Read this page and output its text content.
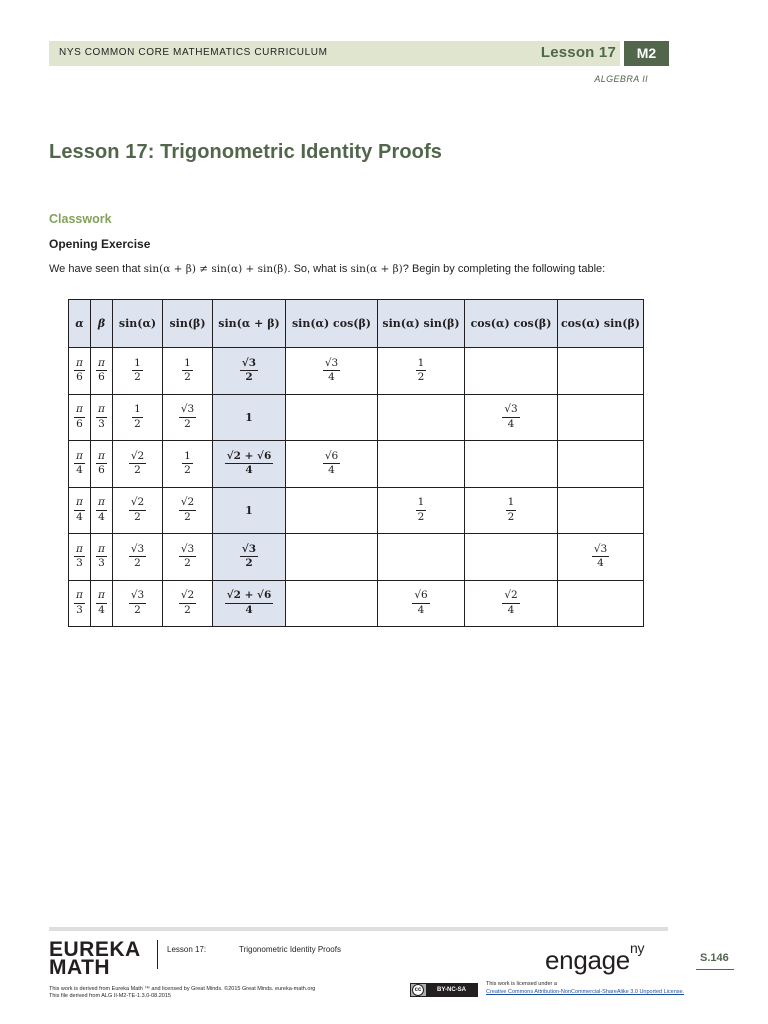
NYS COMMON CORE MATHEMATICS CURRICULUM	Lesson 17	M2
ALGEBRA II
Lesson 17: Trigonometric Identity Proofs
Classwork
Opening Exercise
We have seen that sin(α + β) ≠ sin(α) + sin(β). So, what is sin(α + β)? Begin by completing the following table:
α	β	sin(α)	sin(β)	sin(α + β)	sin(α) cos(β)	sin(α) sin(β)	cos(α) cos(β)	cos(α) sin(β)

$\frac{\pi}{6}$	$\frac{\pi}{6}$	$\frac{1}{2}$	$\frac{1}{2}$	$\frac{√3}{2}$	$\frac{√3}{4}$	$\frac{1}{2}$

$\frac{\pi}{6}$	$\frac{\pi}{3}$	$\frac{1}{2}$	$\frac{√3}{2}$	1			$\frac{√3}{4}$

$\frac{\pi}{4}$	$\frac{\pi}{6}$	$\frac{√2}{2}$	$\frac{1}{2}$	$\frac{√2 + √6}{4}$	$\frac{√6}{4}$

$\frac{\pi}{4}$	$\frac{\pi}{4}$	$\frac{√2}{2}$	$\frac{√2}{2}$	1		$\frac{1}{2}$	$\frac{1}{2}$

$\frac{\pi}{3}$	$\frac{\pi}{3}$	$\frac{√3}{2}$	$\frac{√3}{2}$	$\frac{√3}{2}$				$\frac{√3}{4}$

$\frac{\pi}{3}$	$\frac{\pi}{4}$	$\frac{√3}{2}$	$\frac{√2}{2}$	$\frac{√2 + √6}{4}$		$\frac{√6}{4}$	$\frac{√2}{4}$

EUREKA
MATH
Lesson 17:	Trigonometric Identity Proofs	engage$^{ny}$
S.146
This work is derived from Eureka Math ™ and licensed by Great Minds. ©2015 Great Minds. eureka-math.org
This file derived from ALG II-M2-TE-1.3.0-08.2015
cc	BY-NC-SA
This work is licensed under a
Creative Commons Attribution-NonCommercial-ShareAlike 3.0 Unported License.
